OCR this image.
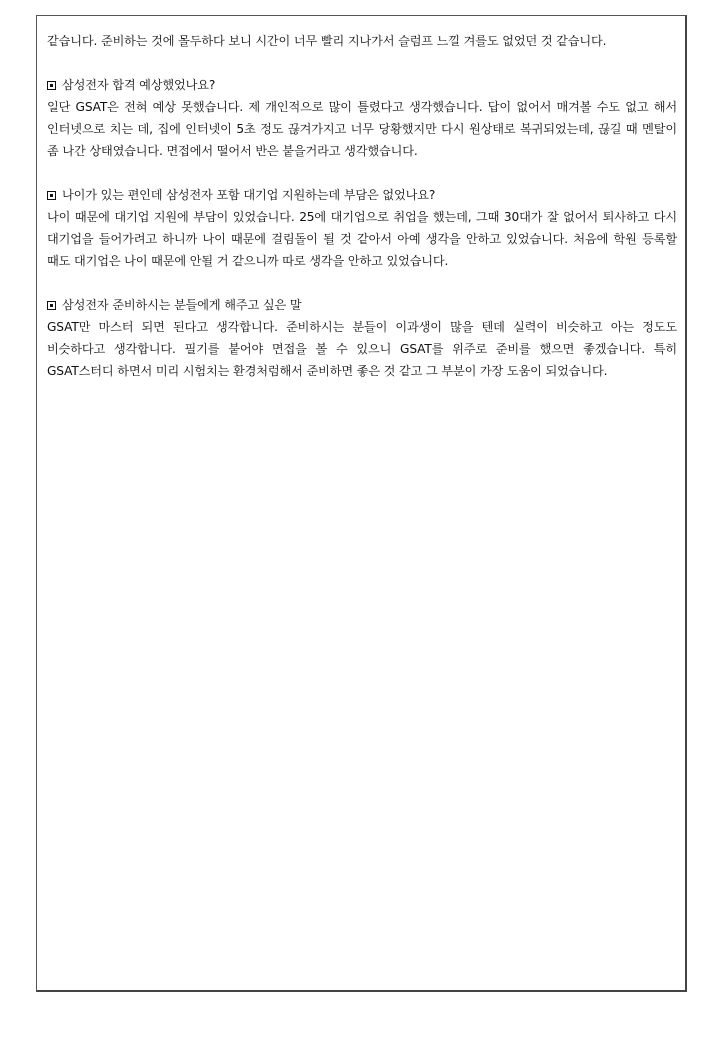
같습니다. 준비하는 것에 몰두하다 보니 시간이 너무 빨리 지나가서 슬럼프 느낄 겨를도 없었던 것 같습니다.

삼성전자 합격 예상했었나요?

일단 GSAT은 전혀 예상 못했습니다. 제 개인적으로 많이 틀렸다고 생각했습니다. 답이 없어서 매겨볼 수도 없고 해서 인터넷으로 치는 데, 집에 인터넷이 5초 정도 끊겨가지고 너무 당황했지만 다시 원상태로 복귀되었는데, 끊길 때 멘탈이 좀 나간 상태였습니다. 면접에서 떨어서 반은 붙을거라고 생각했습니다.

나이가 있는 편인데 삼성전자 포함 대기업 지원하는데 부담은 없었나요?

나이 때문에 대기업 지원에 부담이 있었습니다. 25에 대기업으로 취업을 했는데, 그때 30대가 잘 없어서 퇴사하고 다시 대기업을 들어가려고 하니까 나이 때문에 걸림돌이 될 것 같아서 아예 생각을 안하고 있었습니다. 처음에 학원 등록할 때도 대기업은 나이 때문에 안될 거 같으니까 따로 생각을 안하고 있었습니다.

삼성전자 준비하시는 분들에게 해주고 싶은 말

GSAT만 마스터 되면 된다고 생각합니다. 준비하시는 분들이 이과생이 많을 텐데 실력이 비슷하고 아는 정도도 비슷하다고 생각합니다. 필기를 붙어야 면접을 볼 수 있으니 GSAT를 위주로 준비를 했으면 좋겠습니다. 특히 GSAT스터디 하면서 미리 시험치는 환경처럼해서 준비하면 좋은 것 같고 그 부분이 가장 도움이 되었습니다.
